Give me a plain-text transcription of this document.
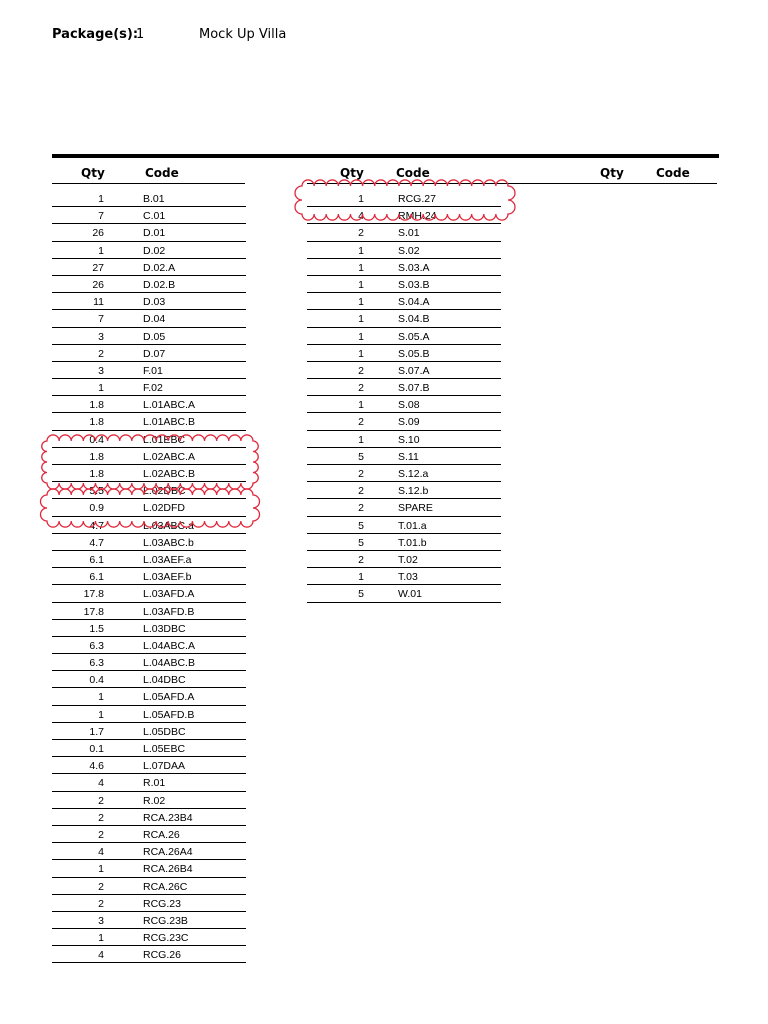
Package(s):
1	Mock Up Villa
Qty	Code	Qty	Code	Qty	Code
1	B.01
7	C.01
26	D.01
1	D.02
27	D.02.A
26	D.02.B
11	D.03
7	D.04
3	D.05
2	D.07
3	F.01
1	F.02
1.8	L.01ABC.A
1.8	L.01ABC.B
0.4	L.01EBC
1.8	L.02ABC.A
1.8	L.02ABC.B
5.5	L.02DBC
0.9	L.02DFD
4.7	L.03ABC.a
4.7	L.03ABC.b
6.1	L.03AEF.a
6.1	L.03AEF.b
17.8	L.03AFD.A
17.8	L.03AFD.B
1.5	L.03DBC
6.3	L.04ABC.A
6.3	L.04ABC.B
0.4	L.04DBC
1	L.05AFD.A
1	L.05AFD.B
1.7	L.05DBC
0.1	L.05EBC
4.6	L.07DAA
4	R.01
2	R.02
2	RCA.23B4
2	RCA.26
4	RCA.26A4
1	RCA.26B4
2	RCA.26C
2	RCG.23
3	RCG.23B
1	RCG.23C
4	RCG.26
1	RCG.27
4	RMH.24
2	S.01
1	S.02
1	S.03.A
1	S.03.B
1	S.04.A
1	S.04.B
1	S.05.A
1	S.05.B
2	S.07.A
2	S.07.B
1	S.08
2	S.09
1	S.10
5	S.11
2	S.12.a
2	S.12.b
2	SPARE
5	T.01.a
5	T.01.b
2	T.02
1	T.03
5	W.01
